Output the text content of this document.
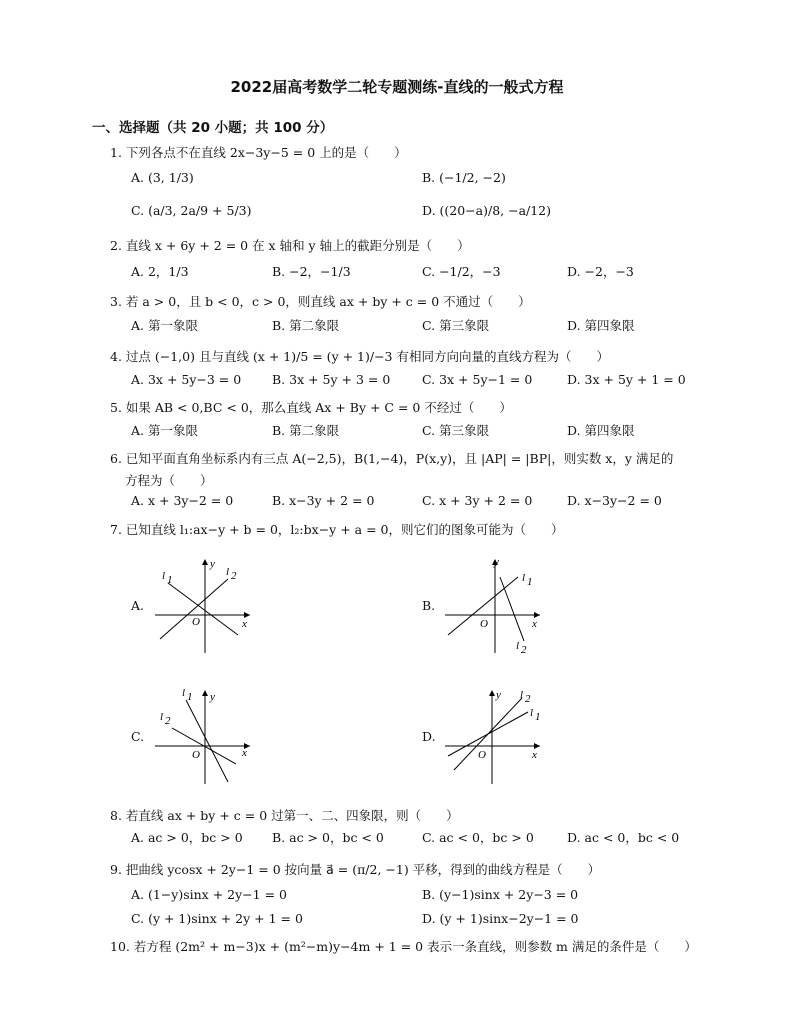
2022届高考数学二轮专题测练-直线的一般式方程
一、选择题（共 20 小题；共 100 分）
1. 下列各点不在直线 2x−3y−5 = 0 上的是（　　）
A. (3, 1/3)	B. (−1/2, −2)
C. (a/3, 2a/9 + 5/3)	D. ((20−a)/8, −a/12)
2. 直线 x + 6y + 2 = 0 在 x 轴和 y 轴上的截距分别是（　　）
A. 2，1/3	B. −2，−1/3	C. −1/2，−3	D. −2，−3
3. 若 a > 0，且 b < 0，c > 0，则直线 ax + by + c = 0 不通过（　　）
A. 第一象限	B. 第二象限	C. 第三象限	D. 第四象限
4. 过点 (−1,0) 且与直线 (x + 1)/5 = (y + 1)/−3 有相同方向向量的直线方程为（　　）
A. 3x + 5y−3 = 0 B. 3x + 5y + 3 = 0	C. 3x + 5y−1 = 0	D. 3x + 5y + 1 = 0
5. 如果 AB < 0,BC < 0，那么直线 Ax + By + C = 0 不经过（　　）
A. 第一象限	B. 第二象限	C. 第三象限	D. 第四象限
6. 已知平面直角坐标系内有三点 A(−2,5)，B(1,−4)，P(x,y)，且 |AP| = |BP|，则实数 x，y 满足的
方程为（　　）
A. x + 3y−2 = 0	B. x−3y + 2 = 0	C. x + 3y + 2 = 0	D. x−3y−2 = 0
7. 已知直线 l₁:ax−y + b = 0，l₂:bx−y + a = 0，则它们的图象可能为（　　）
A.
y
x
O
l 1
l 2
B.
y
x
O
l 1
l 2
C.
y
x
O
l 1
l 2
D.
y
x
O
l 1
l 2
8. 若直线 ax + by + c = 0 过第一、二、四象限，则（　　）
A. ac > 0，bc > 0 B. ac > 0，bc < 0	C. ac < 0，bc > 0	D. ac < 0，bc < 0
9. 把曲线 ycosx + 2y−1 = 0 按向量 a⃗ = (π/2, −1) 平移，得到的曲线方程是（　　）
A. (1−y)sinx + 2y−1 = 0	B. (y−1)sinx + 2y−3 = 0
C. (y + 1)sinx + 2y + 1 = 0	D. (y + 1)sinx−2y−1 = 0
10. 若方程 (2m² + m−3)x + (m²−m)y−4m + 1 = 0 表示一条直线，则参数 m 满足的条件是（　　）
